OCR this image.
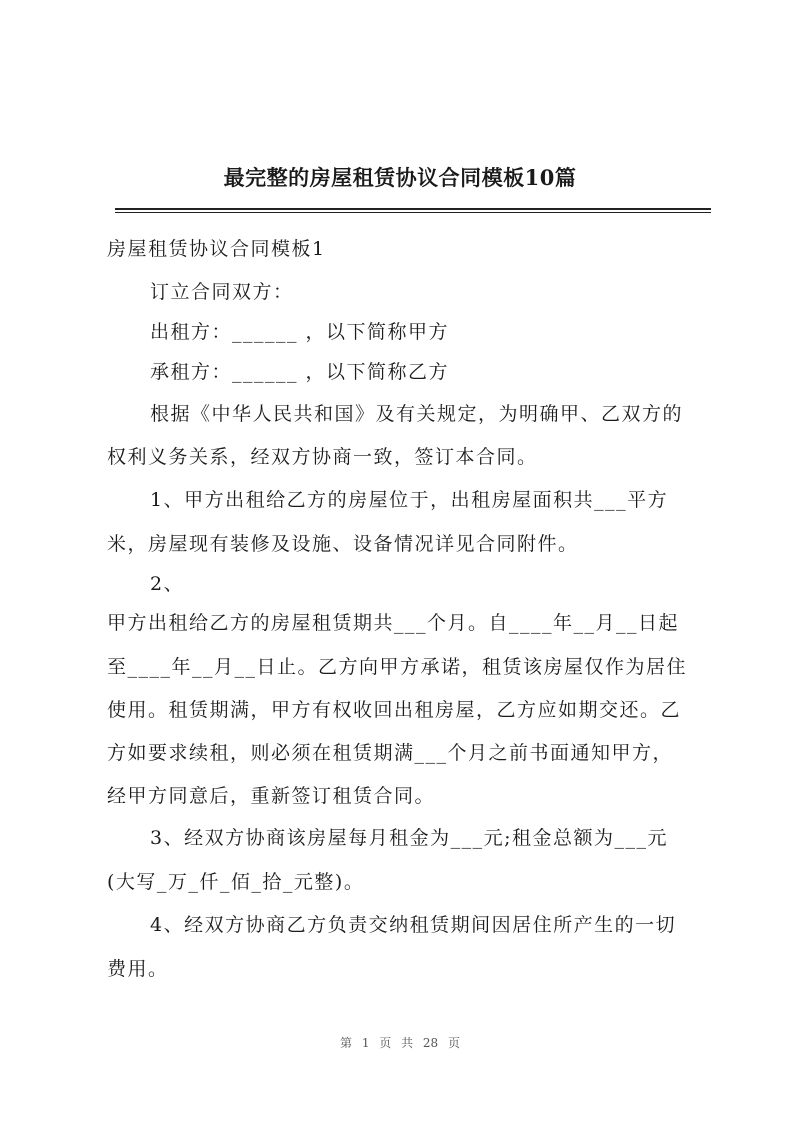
最完整的房屋租赁协议合同模板10篇
房屋租赁协议合同模板1
订立合同双方：
出租方：______ ，以下简称甲方
承租方：______ ，以下简称乙方
根据《中华人民共和国》及有关规定，为明确甲、乙双方的
权利义务关系，经双方协商一致，签订本合同。
1、甲方出租给乙方的房屋位于，出租房屋面积共___平方
米，房屋现有装修及设施、设备情况详见合同附件。
2、
甲方出租给乙方的房屋租赁期共___个月。自____年__月__日起
至____年__月__日止。乙方向甲方承诺，租赁该房屋仅作为居住
使用。租赁期满，甲方有权收回出租房屋，乙方应如期交还。乙
方如要求续租，则必须在租赁期满___个月之前书面通知甲方，
经甲方同意后，重新签订租赁合同。
3、经双方协商该房屋每月租金为___元;租金总额为___元
(大写_万_仟_佰_拾_元整)。
4、经双方协商乙方负责交纳租赁期间因居住所产生的一切
费用。
第 1 页 共 28 页
